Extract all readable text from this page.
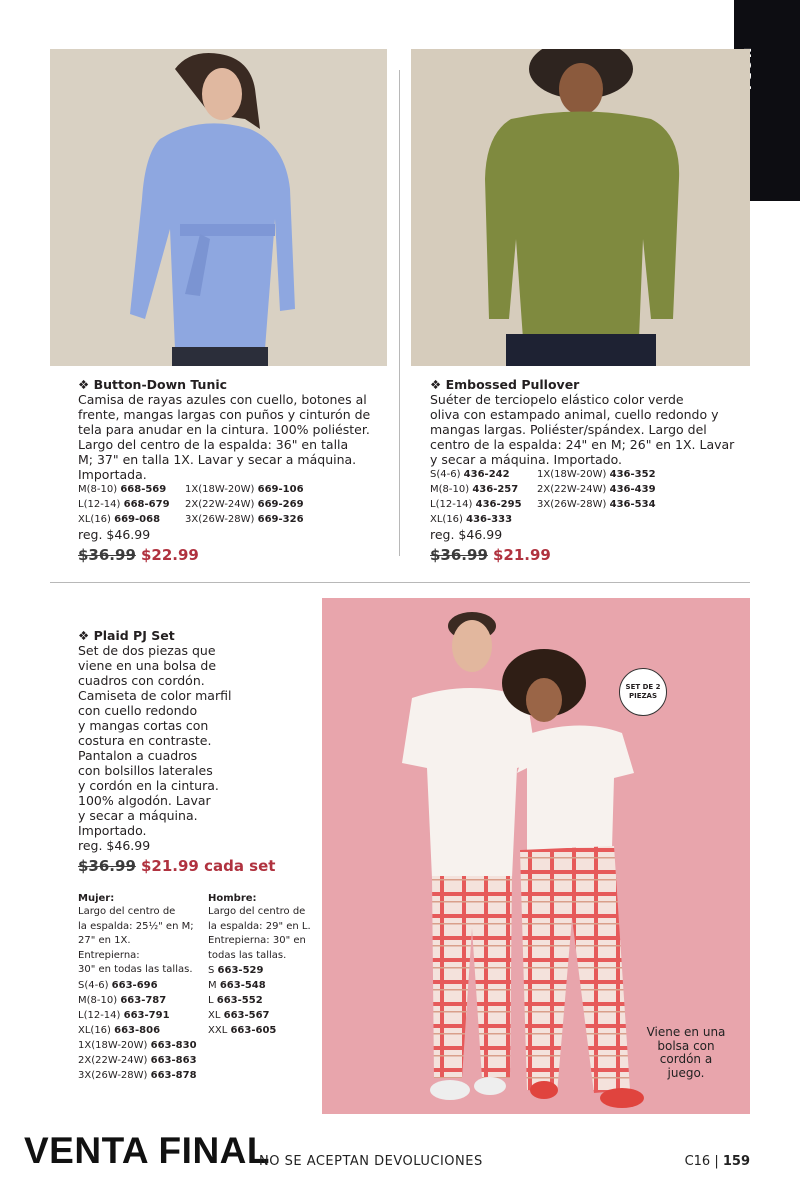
❖ Button-Down Tunic
Camisa de rayas azules con cuello, botones al
frente, mangas largas con puños y cinturón de
tela para anudar en la cintura. 100% poliéster.
Largo del centro de la espalda: 36" en talla
M; 37" en talla 1X. Lavar y secar a máquina.
Importada.
M(8-10) 668-569
L(12-14) 668-679
XL(16) 669-068
1X(18W-20W) 669-106
2X(22W-24W) 669-269
3X(26W-28W) 669-326
reg. $46.99
$36.99 $22.99
❖ Embossed Pullover
Suéter de terciopelo elástico color verde
oliva con estampado animal, cuello redondo y
mangas largas. Poliéster/spándex. Largo del
centro de la espalda: 24" en M; 26" en 1X. Lavar
y secar a máquina. Importado.
S(4-6) 436-242
M(8-10) 436-257
L(12-14) 436-295
XL(16) 436-333
1X(18W-20W) 436-352
2X(22W-24W) 436-439
3X(26W-28W) 436-534
reg. $46.99
$36.99 $21.99
❖ Plaid PJ Set
Set de dos piezas que
viene en una bolsa de
cuadros con cordón.
Camiseta de color marfil
con cuello redondo
y mangas cortas con
costura en contraste.
Pantalon a cuadros
con bolsillos laterales
y cordón en la cintura.
100% algodón. Lavar
y secar a máquina.
Importado.
reg. $46.99
$36.99 $21.99 cada set
Mujer:
Largo del centro de
la espalda: 25½" en M;
27" en 1X.
Entrepierna:
30" en todas las tallas.
S(4-6) 663-696
M(8-10) 663-787
L(12-14) 663-791
XL(16) 663-806
1X(18W-20W) 663-830
2X(22W-24W) 663-863
3X(26W-28W) 663-878
Hombre:
Largo del centro de
la espalda: 29" en L.
Entrepierna: 30" en
todas las tallas.
S 663-529
M 663-548
L 663-552
XL 663-567
XXL 663-605
SET DE 2
PIEZAS
Viene en una
bolsa con
cordón a
juego.
VENTA FINAL
NO SE ACEPTAN DEVOLUCIONES	C16 | 159
